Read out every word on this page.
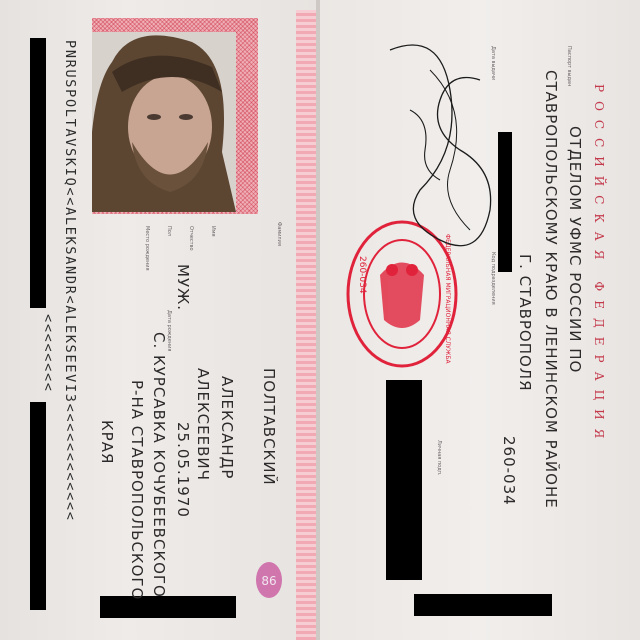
PNRUSPOLTAVSKIQ<<ALEKSANDR<ALEKSEEVI3<<<<<<<<<<<<
<<<<<<<<
Фамилия
ПОЛТАВСКИЙ
Имя
АЛЕКСАНДР
Отчество
АЛЕКСЕЕВИЧ
Пол
МУЖ.
Дата рождения
25.05.1970
Место рождения
С. КУРСАВКА КОЧУБЕЕВСКОГО
Р-НА СТАВРОПОЛЬСКОГО
КРАЯ
86
РОССИЙСКАЯ ФЕДЕРАЦИЯ
Паспорт выдан
ОТДЕЛОМ УФМС РОССИИ ПО
СТАВРОПОЛЬСКОМУ КРАЮ В ЛЕНИНСКОМ РАЙОНЕ
Г. СТАВРОПОЛЯ
Дата выдачи
Код подразделения
260-034
Личная подп.
260-034	ФЕДЕРАЛЬНАЯ МИГРАЦИОННАЯ СЛУЖБА
